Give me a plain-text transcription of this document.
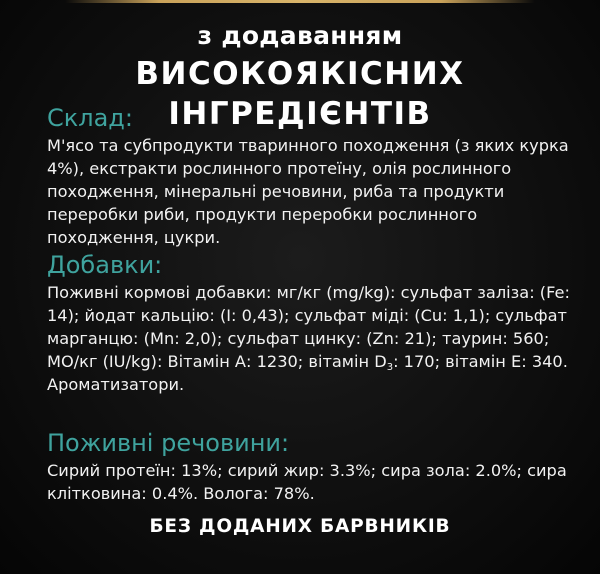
з додаванням
ВИСОКОЯКІСНИХ ІНГРЕДІЄНТІВ
Склад:
М'ясо та субпродукти тваринного походження (з яких курка 4%), екстракти рослинного протеїну, олія рослинного походження, мінеральні речовини, риба та продукти переробки риби, продукти переробки рослинного походження, цукри.
Добавки:
Поживні кормові добавки: мг/кг (mg/kg): сульфат заліза: (Fe: 14); йодат кальцію: (I: 0,43); сульфат міді: (Cu: 1,1); сульфат марганцю: (Mn: 2,0); сульфат цинку: (Zn: 21); таурин: 560;
МО/кг (IU/kg): Вітамін А: 1230; вітамін $D_3$: 170; вітамін Е: 340.
Ароматизатори.
Поживні речовини:
Сирий протеїн: 13%; сирий жир: 3.3%; сира зола: 2.0%; сира клітковина: 0.4%. Волога: 78%.
БЕЗ ДОДАНИХ БАРВНИКІВ
